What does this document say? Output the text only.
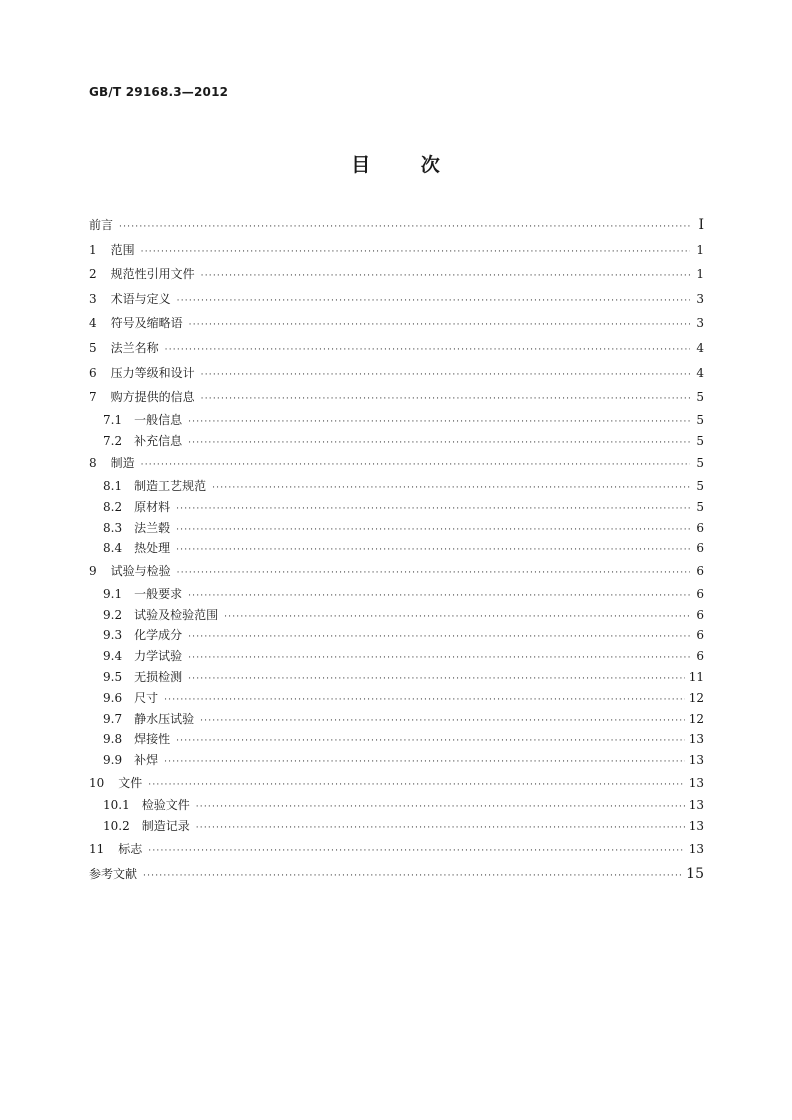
GB/T 29168.3—2012
目 次
前言 ·····	I
1 范围 ·····	1
2 规范性引用文件 ·····	1
3 术语与定义 ·····	3
4 符号及缩略语 ·····	3
5 法兰名称 ·····	4
6 压力等级和设计 ·····	4
7 购方提供的信息 ·····	5
7.1 一般信息 ·····	5
7.2 补充信息 ·····	5
8 制造 ·····	5
8.1 制造工艺规范 ·····	5
8.2 原材料 ·····	5
8.3 法兰毂 ·····	6
8.4 热处理 ·····	6
9 试验与检验 ·····	6
9.1 一般要求 ·····	6
9.2 试验及检验范围 ·····	6
9.3 化学成分 ·····	6
9.4 力学试验 ·····	6
9.5 无损检测 ·····	11
9.6 尺寸 ·····	12
9.7 静水压试验 ·····	12
9.8 焊接性 ·····	13
9.9 补焊 ·····	13
10 文件 ·····	13
10.1 检验文件 ·····	13
10.2 制造记录 ·····	13
11 标志 ·····	13
参考文献 ·····	15
